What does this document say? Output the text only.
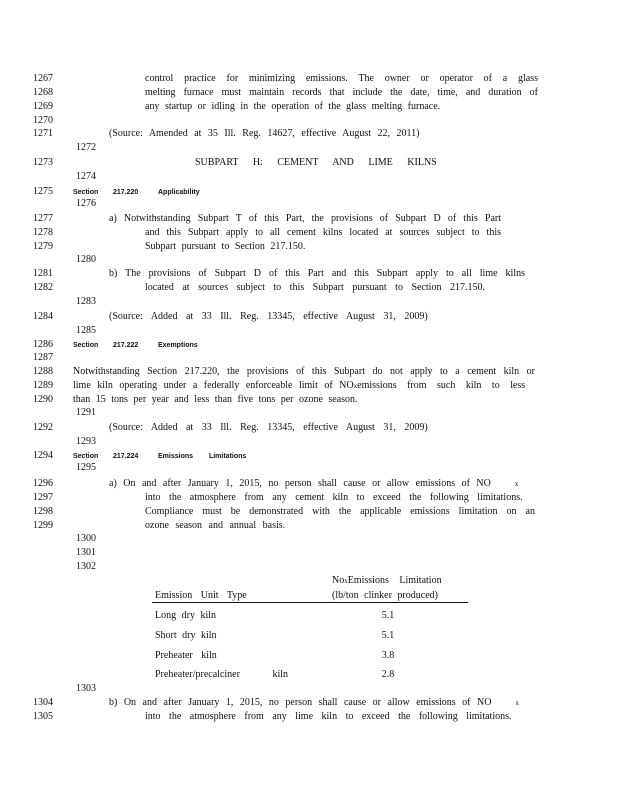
1267	control practice for minimizing emissions. The owner or operator of a glass
1268	melting furnace must maintain records that include the date, time, and duration of
1269	any startup or idling in the operation of the glass melting furnace.
1270
1271	(Source: Amended at 35 Ill. Reg. 14627, effective August 22, 2011)
1272
1273	SUBPART H: CEMENT AND LIME KILNS
1274
1275	Section 217.220	Applicability
1276
1277	a) Notwithstanding Subpart T of this Part, the provisions of Subpart D of this Part
1278	and this Subpart apply to all cement kilns located at sources subject to this
1279	Subpart pursuant to Section 217.150.
1280
1281	b) The provisions of Subpart D of this Part and this Subpart apply to all lime kilns
1282	located at sources subject to this Subpart pursuant to Section 217.150.
1283
1284	(Source: Added at 33 Ill. Reg. 13345, effective August 31, 2009)
1285
1286	Section 217.222	Exemptions
1287
1288	Notwithstanding Section 217.220, the provisions of this Subpart do not apply to a cement kiln or
1289	lime kiln operating under a federally enforceable limit of NOxemissions from such kiln to less
1290	than 15 tons per year and less than five tons per ozone season.
1291
1292	(Source: Added at 33 Ill. Reg. 13345, effective August 31, 2009)
1293
1294	Section 217.224	Emissions Limitations
1295
1296	a) On and after January 1, 2015, no person shall cause or allow emissions of NO	x
1297	into the atmosphere from any cement kiln to exceed the following limitations.
1298	Compliance must be demonstrated with the applicable emissions limitation on an
1299	ozone season and annual basis.
1300
1301
1302
NoxEmissions Limitation
Emission Unit Type	(lb/ton clinker produced)
Long dry kiln	5.1
Short dry kiln	5.1
Preheater kiln	3.8
Preheater/precalciner kiln	2.8
1303
1304	b) On and after January 1, 2015, no person shall cause or allow emissions of NO	x
1305	into the atmosphere from any lime kiln to exceed the following limitations.
